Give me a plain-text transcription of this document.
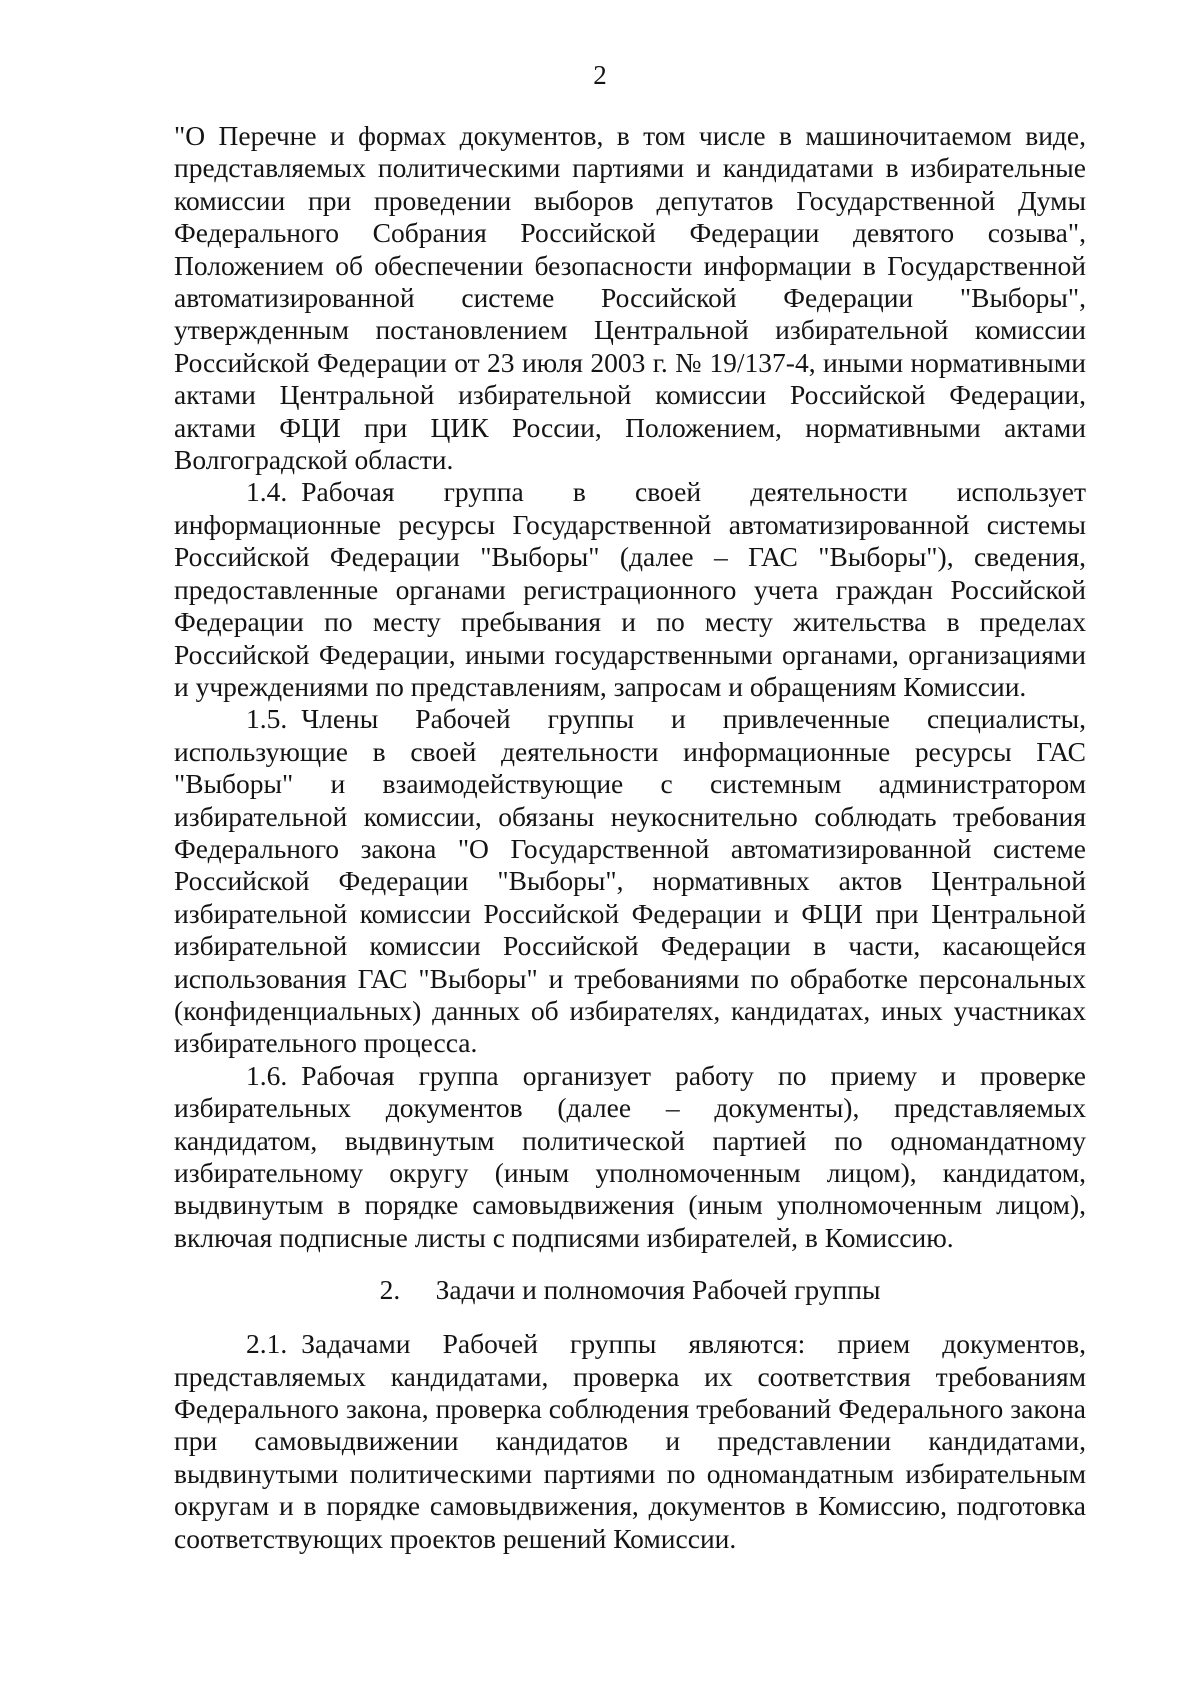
2

"О Перечне и формах документов, в том числе в машиночитаемом виде, представляемых политическими партиями и кандидатами в избирательные комиссии при проведении выборов депутатов Государственной Думы Федерального Собрания Российской Федерации девятого созыва", Положением об обеспечении безопасности информации в Государственной автоматизированной системе Российской Федерации "Выборы", утвержденным постановлением Центральной избирательной комиссии Российской Федерации от 23 июля 2003 г. № 19/137-4, иными нормативными актами Центральной избирательной комиссии Российской Федерации, актами ФЦИ при ЦИК России, Положением, нормативными актами Волгоградской области.

1.4. Рабочая группа в своей деятельности использует информационные ресурсы Государственной автоматизированной системы Российской Федерации "Выборы" (далее – ГАС "Выборы"), сведения, предоставленные органами регистрационного учета граждан Российской Федерации по месту пребывания и по месту жительства в пределах Российской Федерации, иными государственными органами, организациями и учреждениями по представлениям, запросам и обращениям Комиссии.

1.5. Члены Рабочей группы и привлеченные специалисты, использующие в своей деятельности информационные ресурсы ГАС "Выборы" и взаимодействующие с системным администратором избирательной комиссии, обязаны неукоснительно соблюдать требования Федерального закона "О Государственной автоматизированной системе Российской Федерации "Выборы", нормативных актов Центральной избирательной комиссии Российской Федерации и ФЦИ при Центральной избирательной комиссии Российской Федерации в части, касающейся использования ГАС "Выборы" и требованиями по обработке персональных (конфиденциальных) данных об избирателях, кандидатах, иных участниках избирательного процесса.

1.6. Рабочая группа организует работу по приему и проверке избирательных документов (далее – документы), представляемых кандидатом, выдвинутым политической партией по одномандатному избирательному округу (иным уполномоченным лицом), кандидатом, выдвинутым в порядке самовыдвижения (иным уполномоченным лицом), включая подписные листы с подписями избирателей, в Комиссию.

2.	Задачи и полномочия Рабочей группы

2.1. Задачами Рабочей группы являются: прием документов, представляемых кандидатами, проверка их соответствия требованиям Федерального закона, проверка соблюдения требований Федерального закона при самовыдвижении кандидатов и представлении кандидатами, выдвинутыми политическими партиями по одномандатным избирательным округам и в порядке самовыдвижения, документов в Комиссию, подготовка соответствующих проектов решений Комиссии.
